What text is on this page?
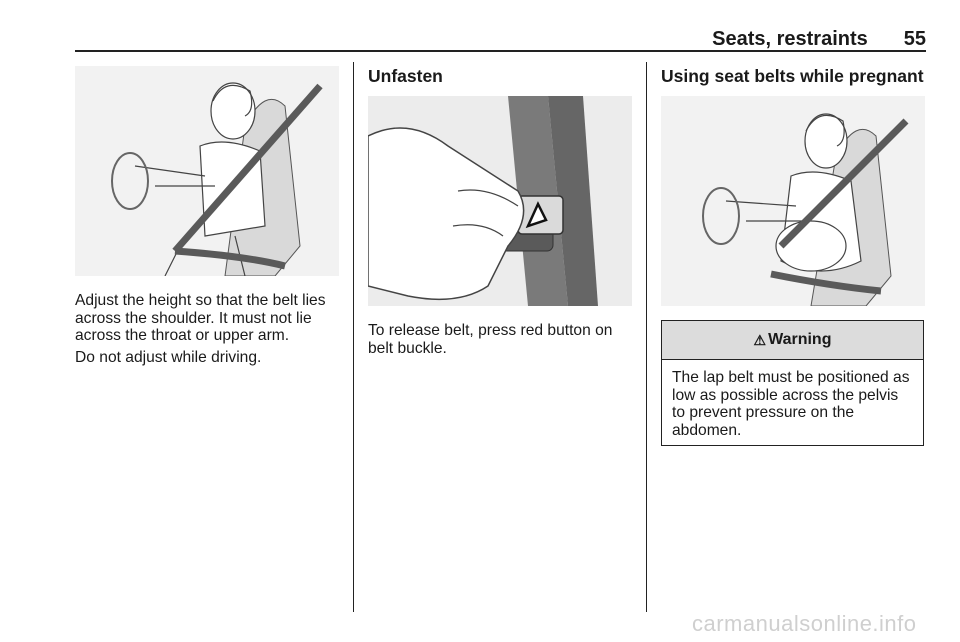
Seats, restraints 55

Adjust the height so that the belt lies across the shoulder. It must not lie across the throat or upper arm.

Do not adjust while driving.

Unfasten

To release belt, press red button on belt buckle.

Using seat belts while pregnant
⚠ Warning

The lap belt must be positioned as low as possible across the pelvis to prevent pressure on the abdomen.

carmanualsonline.info
